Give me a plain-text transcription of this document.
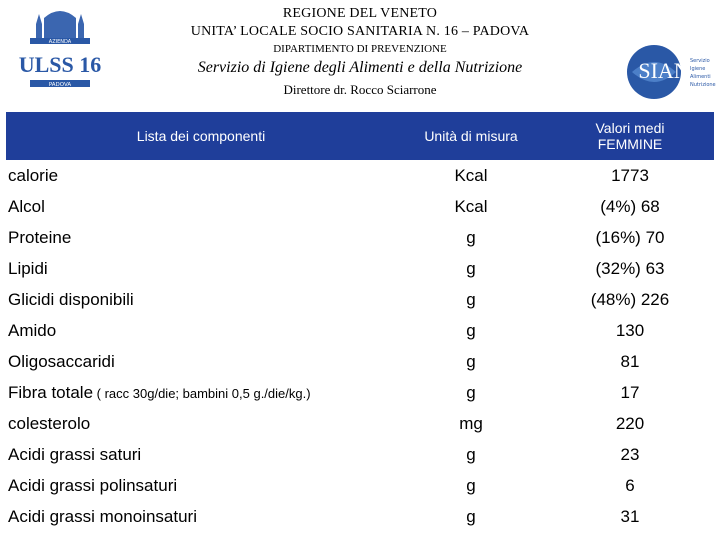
AZIENDA
ULSS 16
PADOVA
SIAN Servizio
Igiene
Alimenti
Nutrizione
REGIONE DEL VENETO
UNITA’ LOCALE SOCIO SANITARIA N. 16 – PADOVA
DIPARTIMENTO DI PREVENZIONE
Servizio di Igiene degli Alimenti e della Nutrizione
Direttore dr. Rocco Sciarrone
Lista dei componenti	Unità di misura	Valori medi
FEMMINE
calorie	Kcal	1773
Alcol	Kcal	(4%) 68
Proteine	g	(16%) 70
Lipidi	g	(32%) 63
Glicidi disponibili	g	(48%) 226
Amido	g	130
Oligosaccaridi	g	81
Fibra totale ( racc 30g/die; bambini 0,5 g./die/kg.)	g	17
colesterolo	mg	220
Acidi grassi saturi	g	23
Acidi grassi polinsaturi	g	6
Acidi grassi monoinsaturi	g	31
